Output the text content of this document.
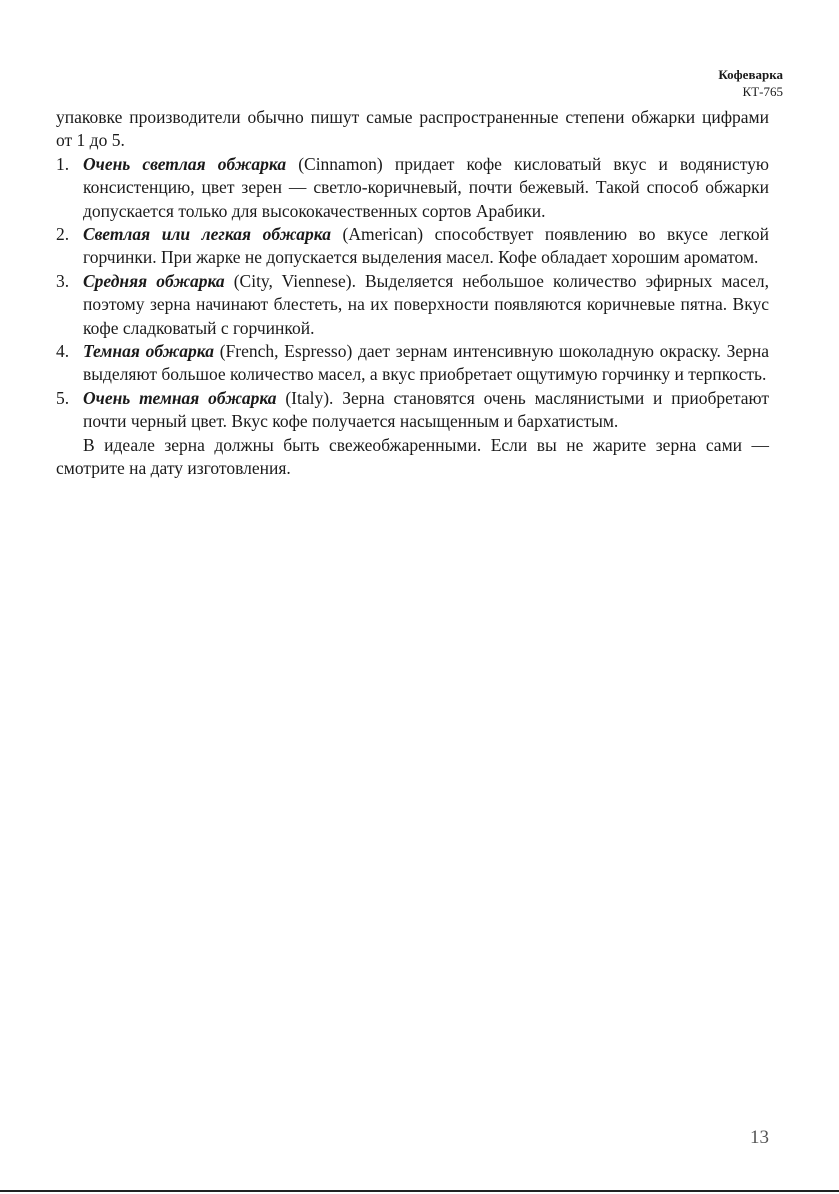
Кофеварка
КТ-765

упаковке производители обычно пишут самые распространенные степени обжарки цифрами от 1 до 5.

1. Очень светлая обжарка (Cinnamon) придает кофе кисловатый вкус и водянистую консистенцию, цвет зерен — светло-коричневый, почти бежевый. Такой способ обжарки допускается только для высококачественных сортов Арабики.
2. Светлая или легкая обжарка (American) способствует появлению во вкусе легкой горчинки. При жарке не допускается выделения масел. Кофе обладает хорошим ароматом.
3. Средняя обжарка (City, Viennese). Выделяется небольшое количество эфирных масел, поэтому зерна начинают блестеть, на их поверхности появляются коричневые пятна. Вкус кофе сладковатый с горчинкой.
4. Темная обжарка (French, Espresso) дает зернам интенсивную шоколадную окраску. Зерна выделяют большое количество масел, а вкус приобретает ощутимую горчинку и терпкость.
5. Очень темная обжарка (Italy). Зерна становятся очень маслянистыми и приобретают почти черный цвет. Вкус кофе получается насыщенным и бархатистым.

В идеале зерна должны быть свежеобжаренными. Если вы не жарите зерна сами — смотрите на дату изготовления.

13
